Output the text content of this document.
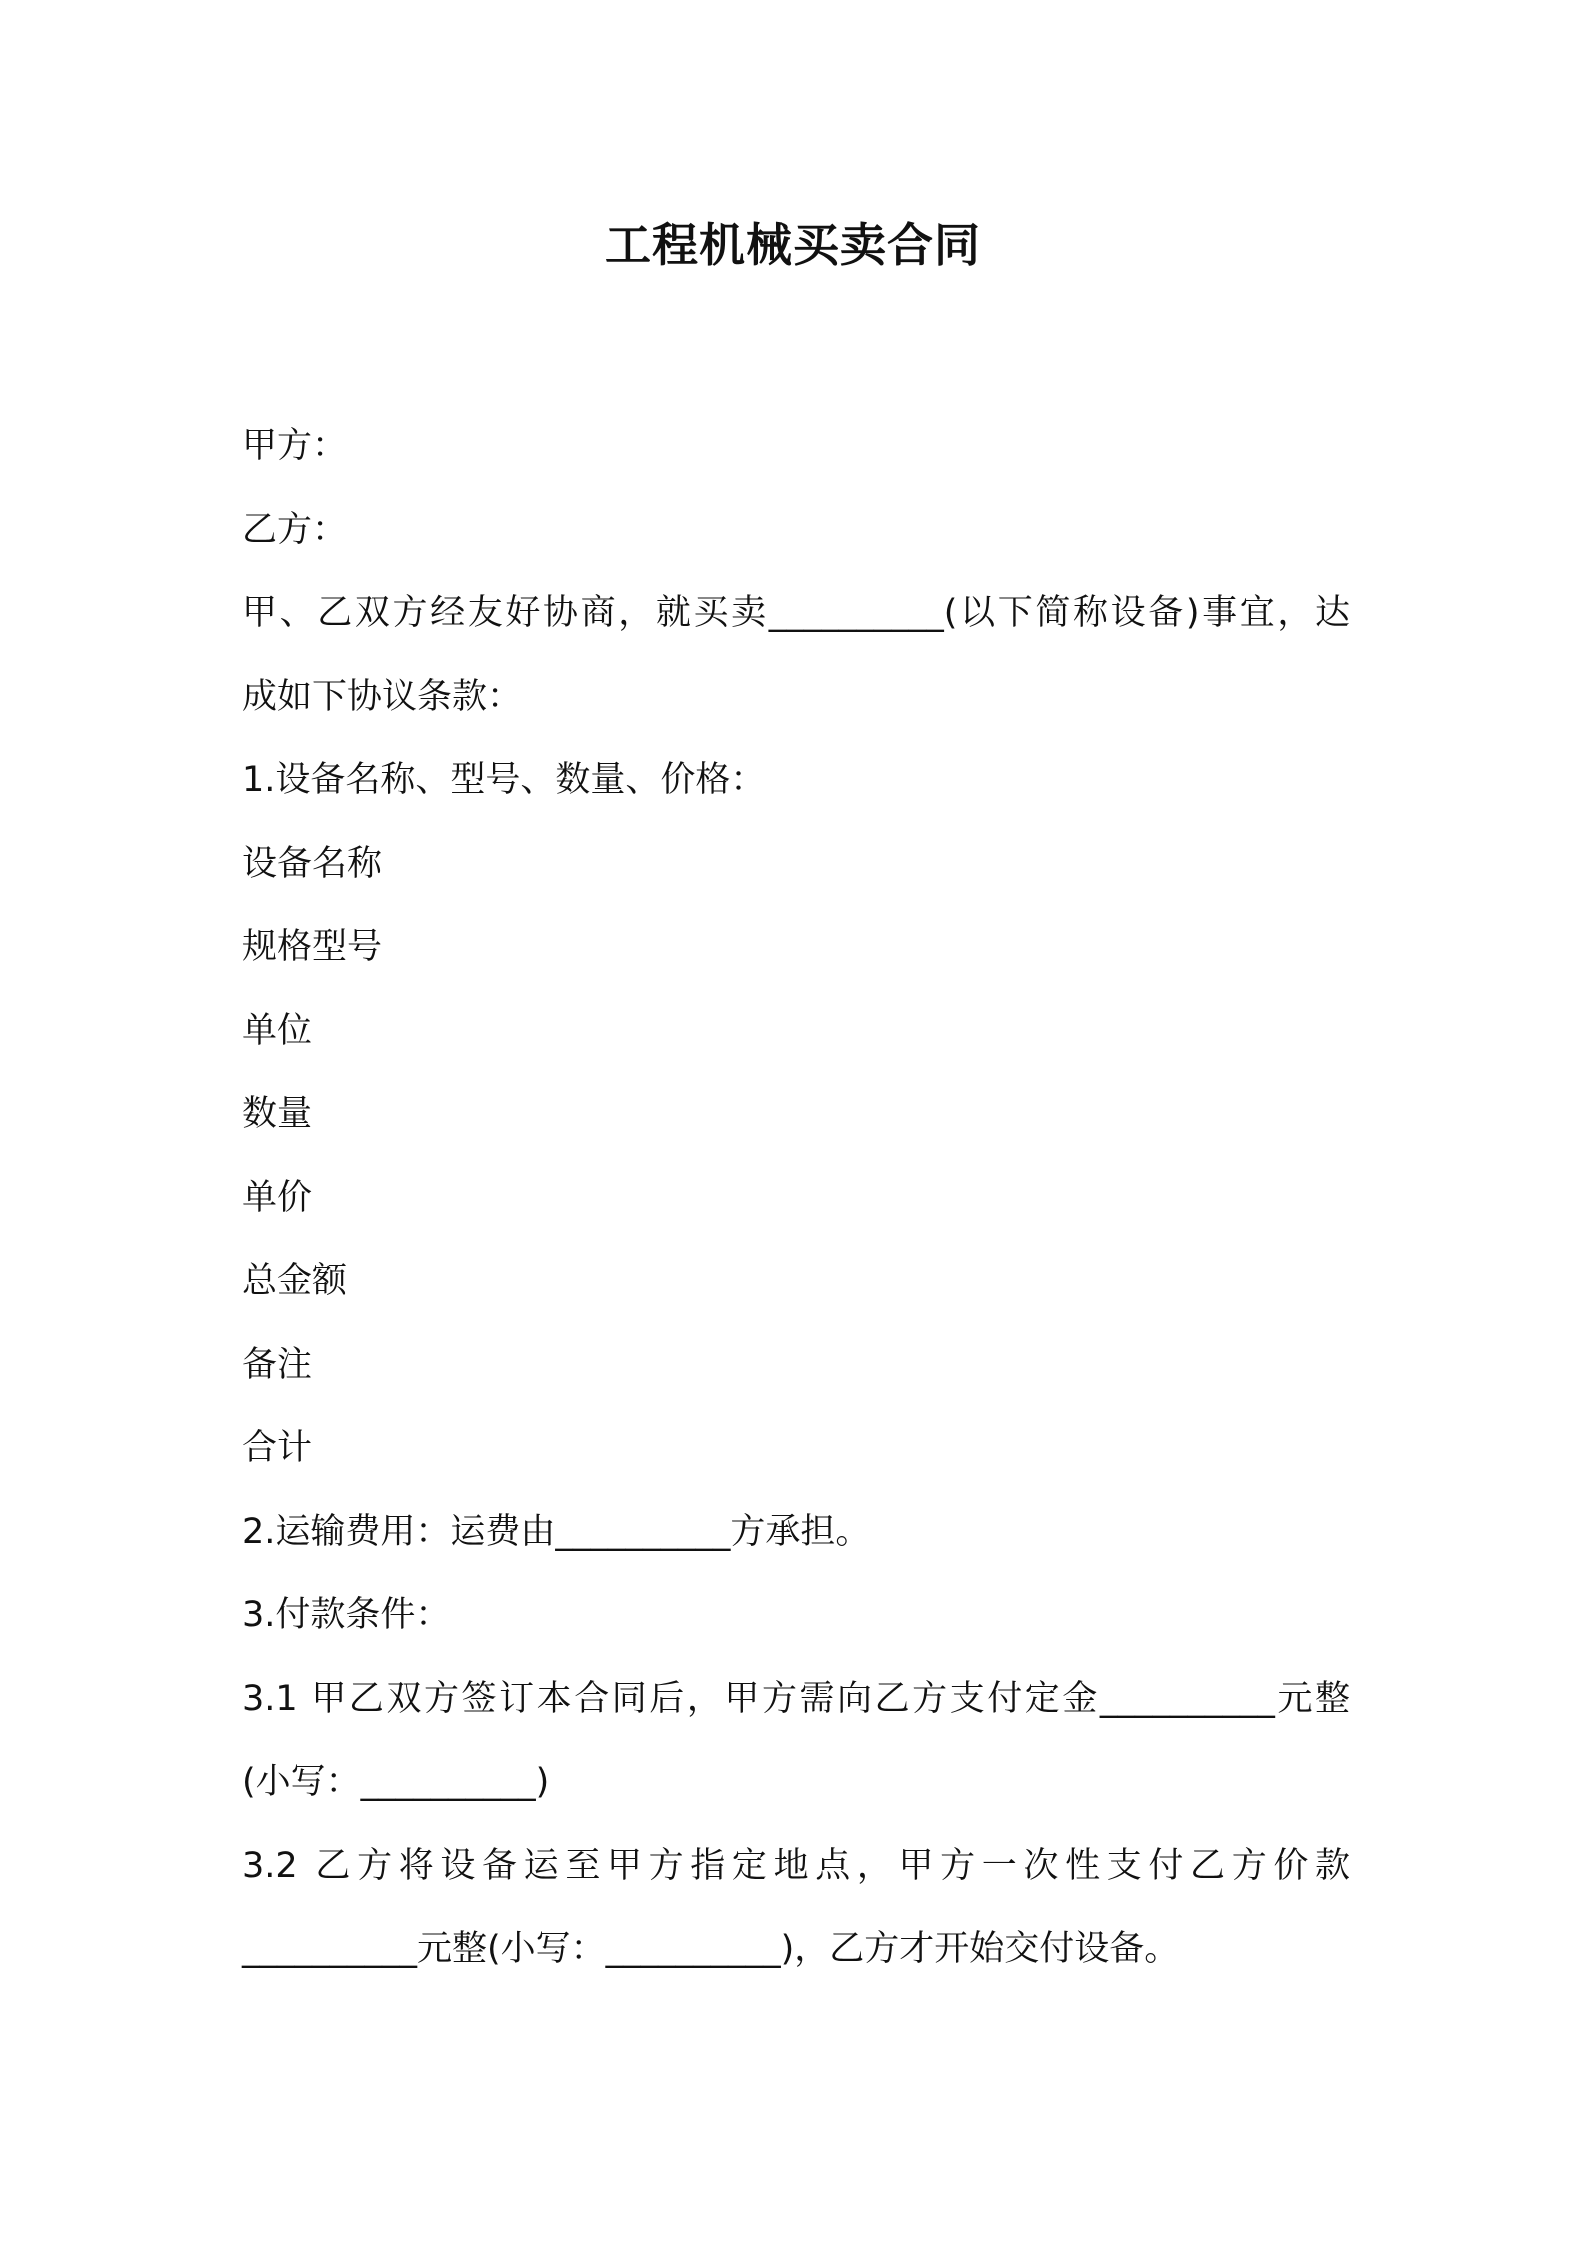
工程机械买卖合同
甲方：
乙方：
甲、乙双方经友好协商，就买卖__________(以下简称设备)事宜，达
成如下协议条款：
1.设备名称、型号、数量、价格：
设备名称
规格型号
单位
数量
单价
总金额
备注
合计
2.运输费用：运费由__________方承担。
3.付款条件：
3.1 甲乙双方签订本合同后，甲方需向乙方支付定金__________元整
(小写：__________)
3.2 乙方将设备运至甲方指定地点，甲方一次性支付乙方价款
__________元整(小写：__________)，乙方才开始交付设备。
